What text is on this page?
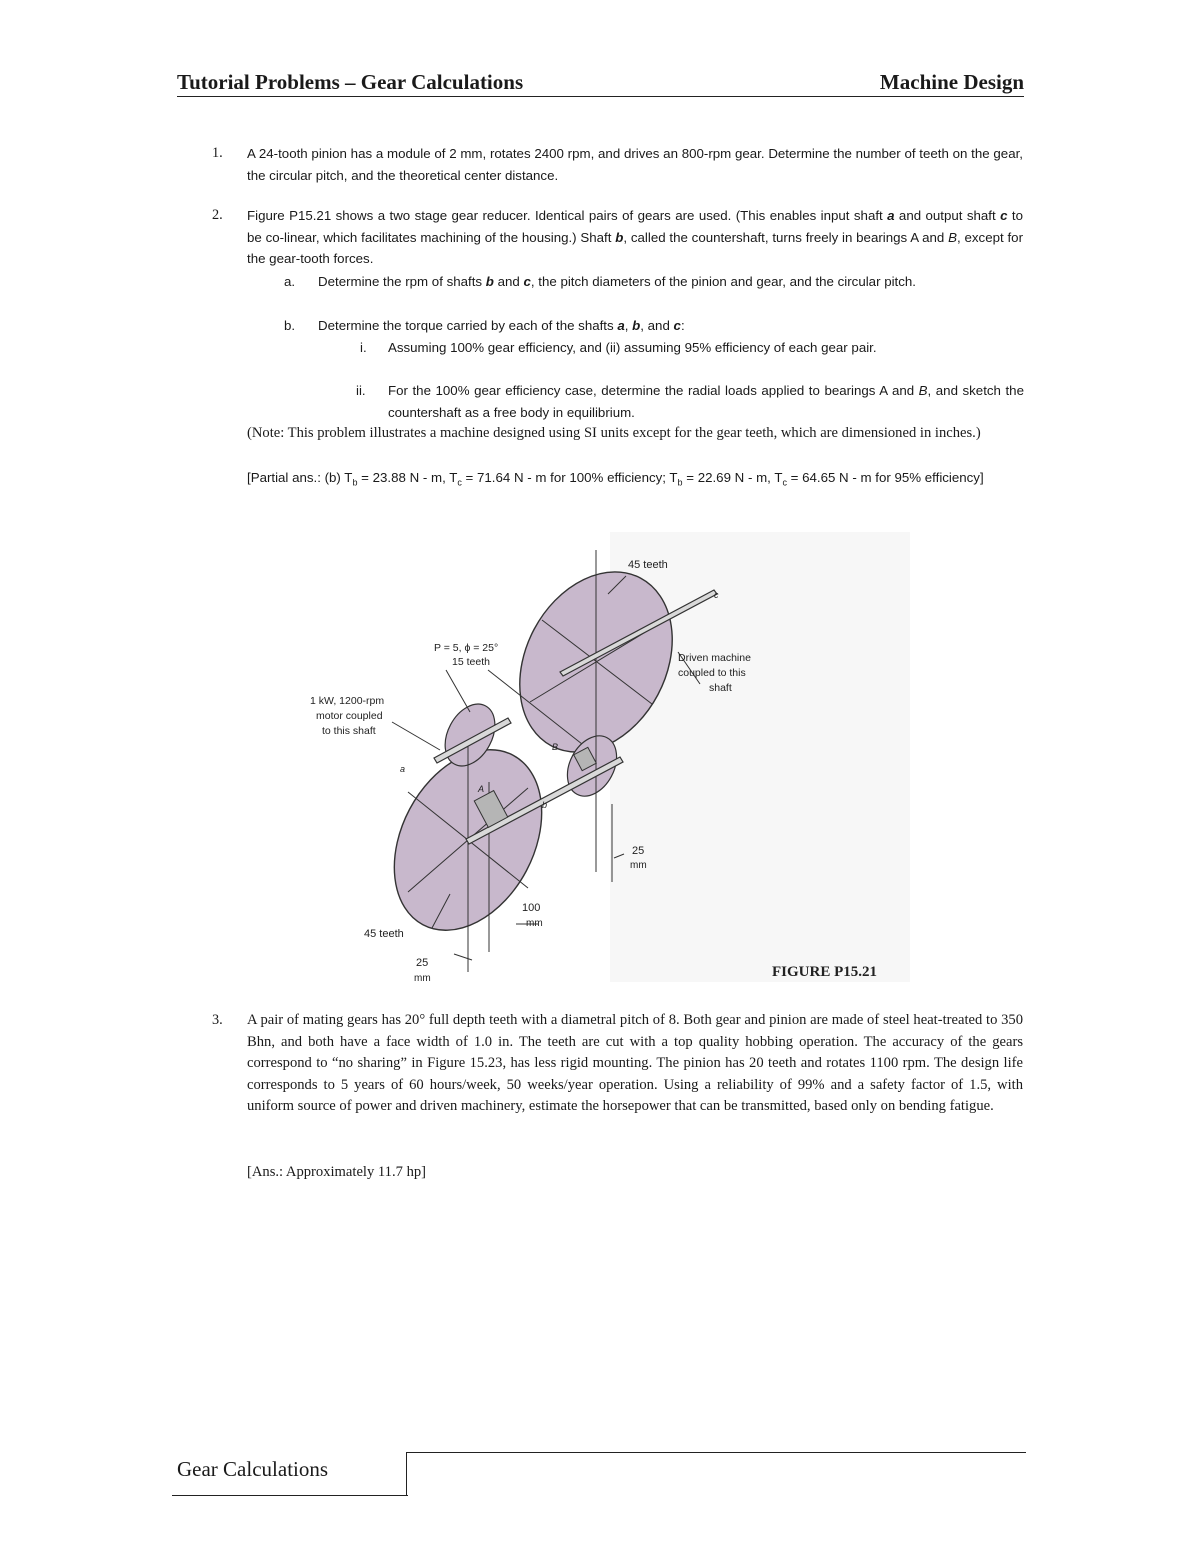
Tutorial Problems – Gear Calculations	Machine Design
1. A 24-tooth pinion has a module of 2 mm, rotates 2400 rpm, and drives an 800-rpm gear. Determine the number of teeth on the gear, the circular pitch, and the theoretical center distance.
2. Figure P15.21 shows a two stage gear reducer. Identical pairs of gears are used. (This enables input shaft a and output shaft c to be co-linear, which facilitates machining of the housing.) Shaft b, called the countershaft, turns freely in bearings A and B, except for the gear-tooth forces.
a. Determine the rpm of shafts b and c, the pitch diameters of the pinion and gear, and the circular pitch.
b. Determine the torque carried by each of the shafts a, b, and c:
i. Assuming 100% gear efficiency, and (ii) assuming 95% efficiency of each gear pair.
ii. For the 100% gear efficiency case, determine the radial loads applied to bearings A and B, and sketch the countershaft as a free body in equilibrium.
(Note: This problem illustrates a machine designed using SI units except for the gear teeth, which are dimensioned in inches.)
[Partial ans.: (b) $T_b = 23.88$ N - m, $T_c = 71.64$ N - m for 100% efficiency; $T_b = 22.69$ N - m, $T_c = 64.65$ N - m for 95% efficiency]
45 teeth
c
P = 5, ϕ = 25°
15 teeth	Driven machine
coupled to this
shaft
1 kW, 1200-rpm
motor coupled
to this shaft
a
B
A
b
25
mm
100
mm
45 teeth
25
mm	FIGURE P15.21
3. A pair of mating gears has 20° full depth teeth with a diametral pitch of 8. Both gear and pinion are made of steel heat-treated to 350 Bhn, and both have a face width of 1.0 in. The teeth are cut with a top quality hobbing operation. The accuracy of the gears correspond to “no sharing” in Figure 15.23, has less rigid mounting. The pinion has 20 teeth and rotates 1100 rpm. The design life corresponds to 5 years of 60 hours/week, 50 weeks/year operation. Using a reliability of 99% and a safety factor of 1.5, with uniform source of power and driven machinery, estimate the horsepower that can be transmitted, based only on bending fatigue.
[Ans.: Approximately 11.7 hp]
Gear Calculations
